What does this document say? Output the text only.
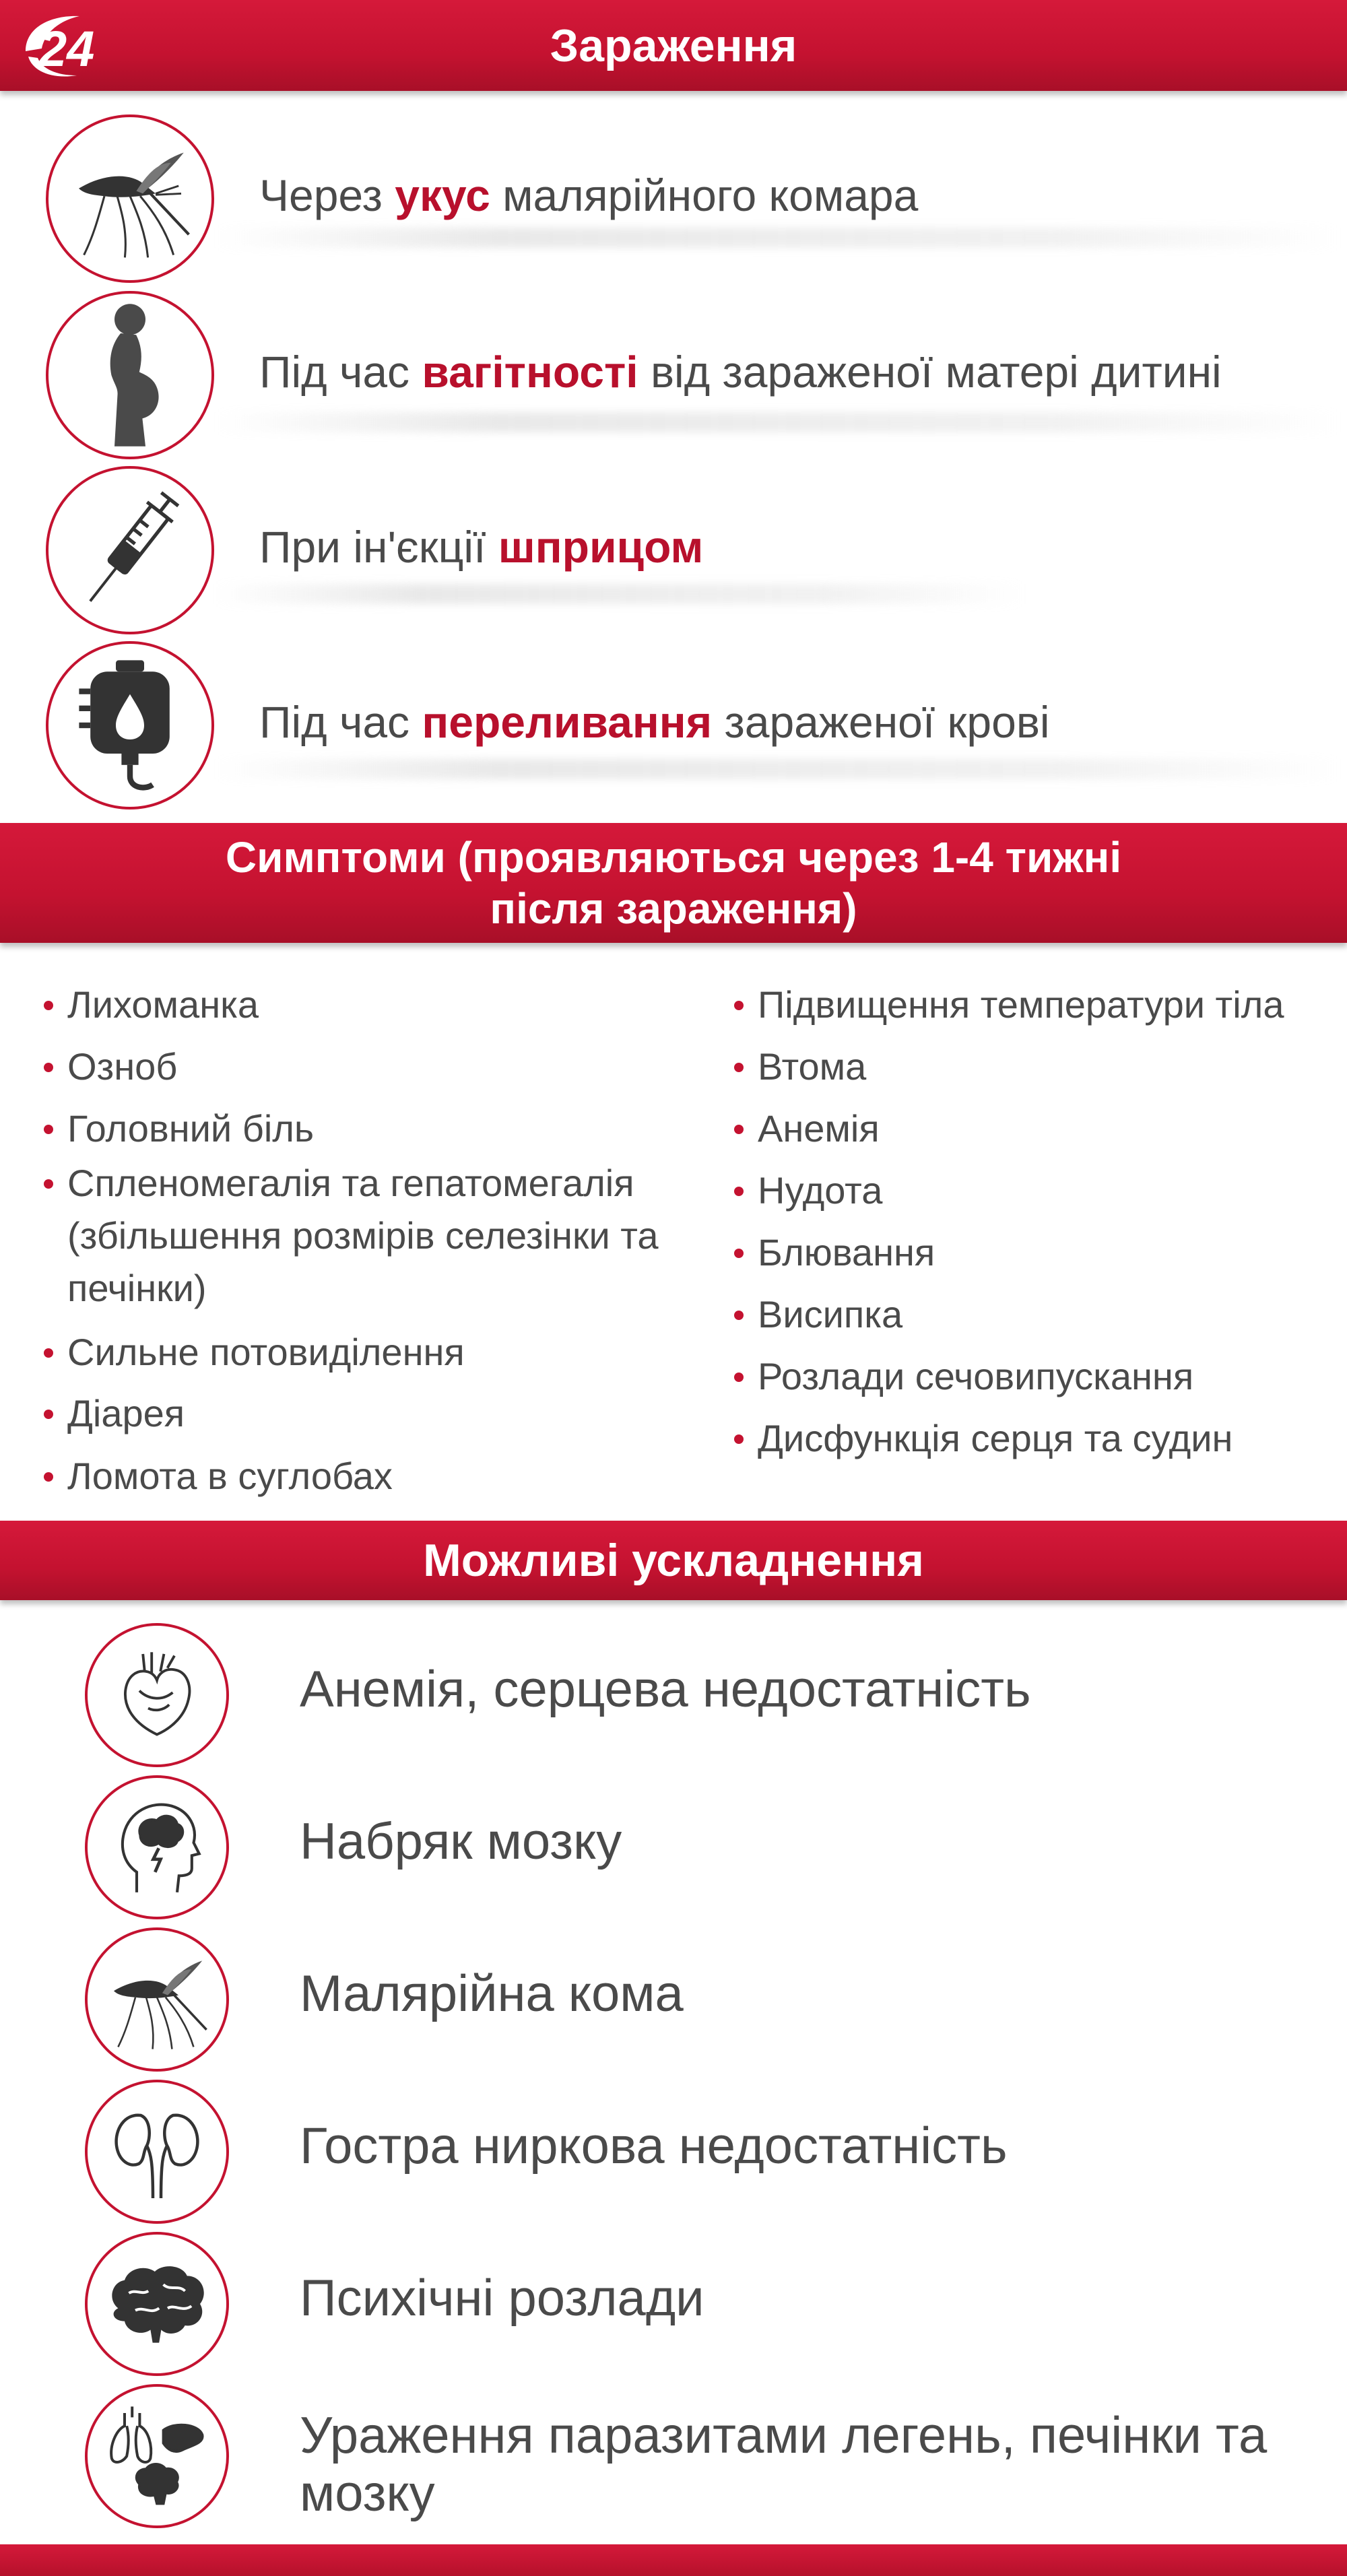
Зараження
24
Через укус малярійного комара
Під час вагітності від зараженої матері дитині
При ін'єкції шприцом
Під час переливання зараженої крові
Симптоми (проявляються через 1-4 тижні
після зараження)
Лихоманка
Озноб
Головний біль
Спленомегалія та гепатомегалія (збільшення розмірів селезінки та печінки)
Сильне потовиділення
Діарея
Ломота в суглобах
Підвищення температури тіла
Втома
Анемія
Нудота
Блювання
Висипка
Розлади сечовипускання
Дисфункція серця та судин
Можливі ускладнення
Анемія, серцева недостатність
Набряк мозку
Малярійна кома
Гостра ниркова недостатність
Психічні розлади
Ураження паразитами легень, печінки та мозку
